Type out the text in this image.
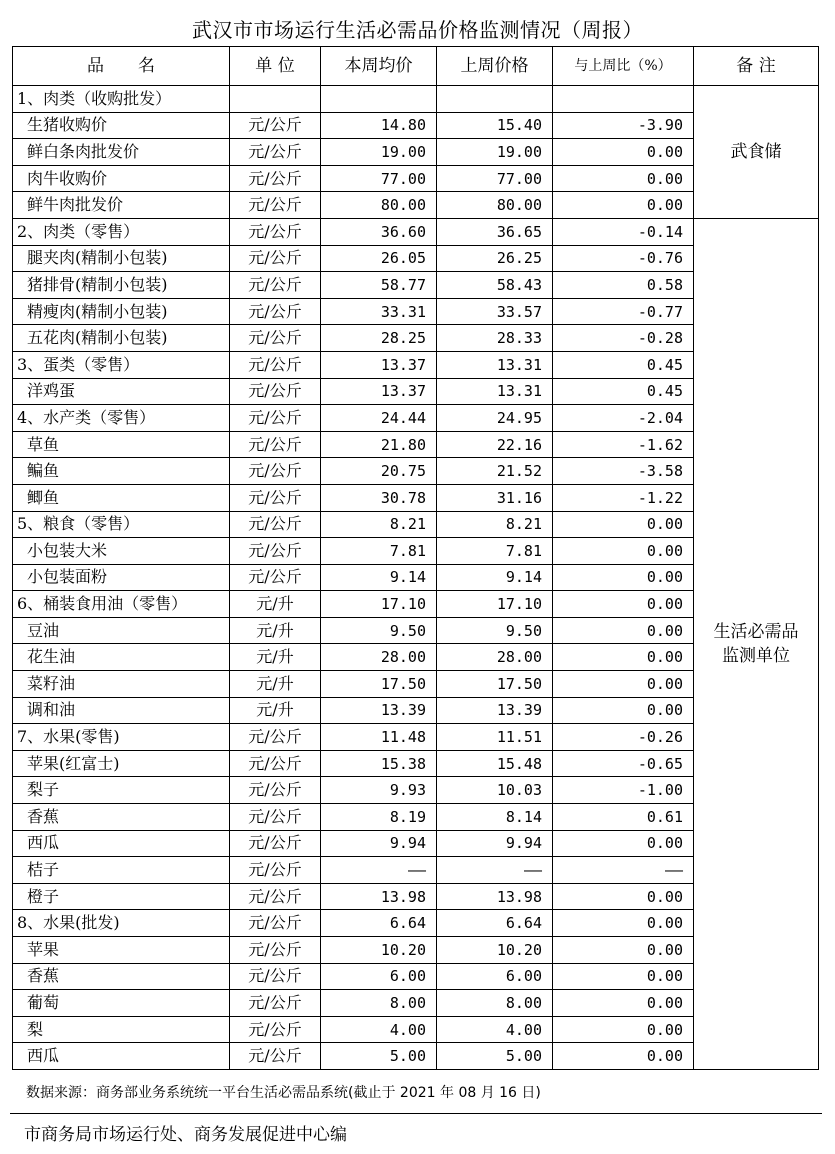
武汉市市场运行生活必需品价格监测情况（周报）
品　　名	单 位	本周均价	上周价格	与上周比（%）	备 注
1、肉类（收购批发）					武食储
生猪收购价	元/公斤	14.80	15.40	-3.90	
鲜白条肉批发价	元/公斤	19.00	19.00	0.00	
肉牛收购价	元/公斤	77.00	77.00	0.00	
鲜牛肉批发价	元/公斤	80.00	80.00	0.00	
2、肉类（零售）	元/公斤	36.60	36.65	-0.14	生活必需品监测单位
腿夹肉(精制小包装)	元/公斤	26.05	26.25	-0.76	
猪排骨(精制小包装)	元/公斤	58.77	58.43	0.58	
精瘦肉(精制小包装)	元/公斤	33.31	33.57	-0.77	
五花肉(精制小包装)	元/公斤	28.25	28.33	-0.28	
3、蛋类（零售）	元/公斤	13.37	13.31	0.45	
洋鸡蛋	元/公斤	13.37	13.31	0.45	
4、水产类（零售）	元/公斤	24.44	24.95	-2.04	
草鱼	元/公斤	21.80	22.16	-1.62	
鳊鱼	元/公斤	20.75	21.52	-3.58	
鲫鱼	元/公斤	30.78	31.16	-1.22	
5、粮食（零售）	元/公斤	8.21	8.21	0.00	
小包装大米	元/公斤	7.81	7.81	0.00	
小包装面粉	元/公斤	9.14	9.14	0.00	
6、桶装食用油（零售）	元/升	17.10	17.10	0.00	
豆油	元/升	9.50	9.50	0.00	
花生油	元/升	28.00	28.00	0.00	
菜籽油	元/升	17.50	17.50	0.00	
调和油	元/升	13.39	13.39	0.00	
7、水果(零售)	元/公斤	11.48	11.51	-0.26	
苹果(红富士)	元/公斤	15.38	15.48	-0.65	
梨子	元/公斤	9.93	10.03	-1.00	
香蕉	元/公斤	8.19	8.14	0.61	
西瓜	元/公斤	9.94	9.94	0.00	
桔子	元/公斤	——	——	——	
橙子	元/公斤	13.98	13.98	0.00	
8、水果(批发)	元/公斤	6.64	6.64	0.00	
苹果	元/公斤	10.20	10.20	0.00	
香蕉	元/公斤	6.00	6.00	0.00	
葡萄	元/公斤	8.00	8.00	0.00	
梨	元/公斤	4.00	4.00	0.00	
西瓜	元/公斤	5.00	5.00	0.00	
数据来源：商务部业务系统统一平台生活必需品系统(截止于 2021 年 08 月 16 日)
市商务局市场运行处、商务发展促进中心编
